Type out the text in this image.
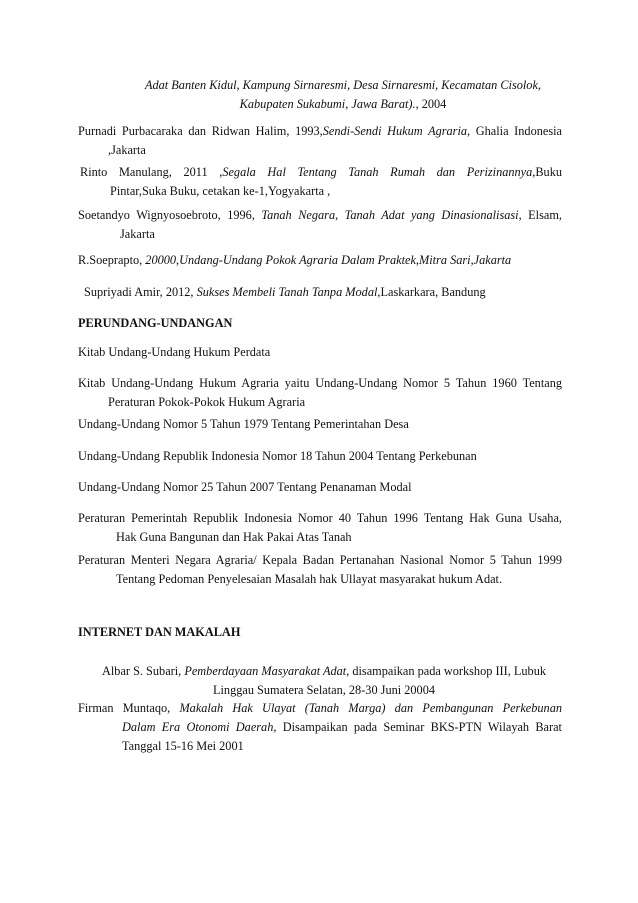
Adat Banten Kidul, Kampung Sirnaresmi, Desa Sirnaresmi, Kecamatan Cisolok,
Kabupaten Sukabumi, Jawa Barat)., 2004

Purnadi Purbacaraka dan Ridwan Halim, 1993,Sendi-Sendi Hukum Agraria, Ghalia Indonesia
,Jakarta
Rinto Manulang, 2011 ,Segala Hal Tentang Tanah Rumah dan Perizinannya,Buku
Pintar,Suka Buku, cetakan ke-1,Yogyakarta ,
Soetandyo Wignyosoebroto, 1996, Tanah Negara, Tanah Adat yang Dinasionalisasi, Elsam,
Jakarta

R.Soeprapto, 20000,Undang-Undang Pokok Agraria Dalam Praktek,Mitra Sari,Jakarta

Supriyadi Amir, 2012, Sukses Membeli Tanah Tanpa Modal,Laskarkara, Bandung

PERUNDANG-UNDANGAN

Kitab Undang-Undang Hukum Perdata

Kitab Undang-Undang Hukum Agraria yaitu Undang-Undang Nomor 5 Tahun 1960 Tentang
Peraturan Pokok-Pokok Hukum Agraria

Undang-Undang Nomor 5 Tahun 1979 Tentang Pemerintahan Desa

Undang-Undang Republik Indonesia Nomor 18 Tahun 2004 Tentang Perkebunan

Undang-Undang Nomor 25 Tahun 2007 Tentang Penanaman Modal

Peraturan Pemerintah Republik Indonesia Nomor 40 Tahun 1996 Tentang Hak Guna Usaha,
Hak Guna Bangunan dan Hak Pakai Atas Tanah
Peraturan Menteri Negara Agraria/ Kepala Badan Pertanahan Nasional Nomor 5 Tahun 1999
Tentang Pedoman Penyelesaian Masalah hak Ullayat masyarakat hukum Adat.

INTERNET DAN MAKALAH

Albar S. Subari, Pemberdayaan Masyarakat Adat, disampaikan pada workshop III, Lubuk
Linggau Sumatera Selatan, 28-30 Juni 20004

Firman Muntaqo, Makalah Hak Ulayat (Tanah Marga) dan Pembangunan Perkebunan
Dalam Era Otonomi Daerah, Disampaikan pada Seminar BKS-PTN Wilayah Barat
Tanggal 15-16 Mei 2001
